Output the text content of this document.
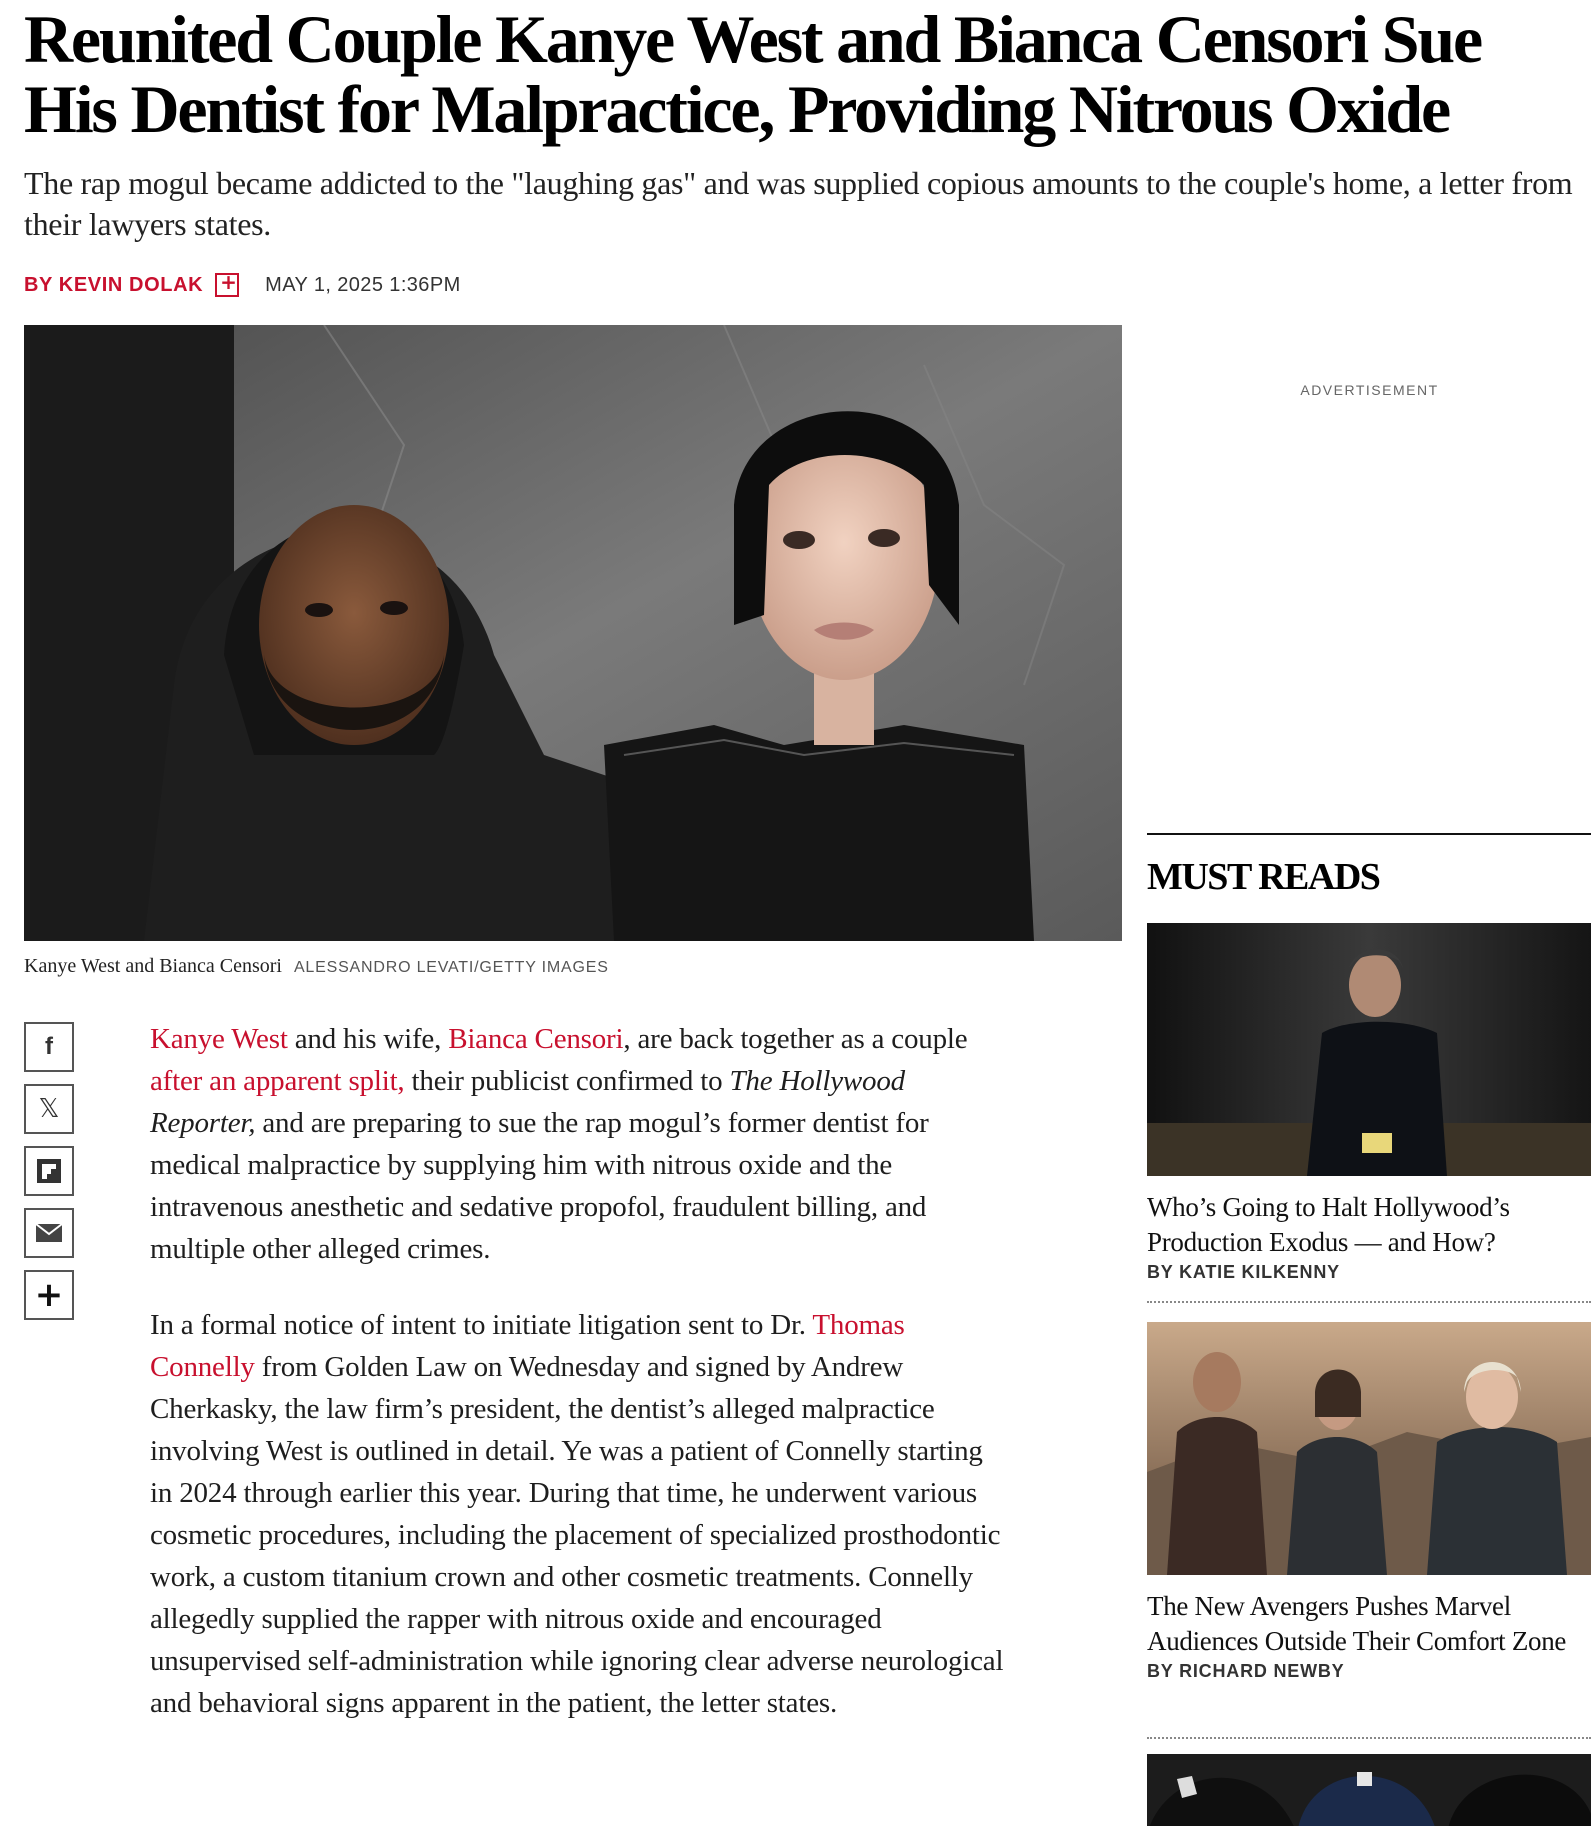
Reunited Couple Kanye West and Bianca Censori Sue His Dentist for Malpractice, Providing Nitrous Oxide
The rap mogul became addicted to the "laughing gas" and was supplied copious amounts to the couple's home, a letter from their lawyers states.
BY KEVIN DOLAK
+	MAY 1, 2025 1:36PM
Kanye West and Bianca Censori ALESSANDRO LEVATI/GETTY IMAGES
f
𝕏
+

Kanye West and his wife, Bianca Censori, are back together as a couple after an apparent split, their publicist confirmed to The Hollywood Reporter, and are preparing to sue the rap mogul’s former dentist for medical malpractice by supplying him with nitrous oxide and the intravenous anesthetic and sedative propofol, fraudulent billing, and multiple other alleged crimes.

In a formal notice of intent to initiate litigation sent to Dr. Thomas Connelly from Golden Law on Wednesday and signed by Andrew Cherkasky, the law firm’s president, the dentist’s alleged malpractice involving West is outlined in detail. Ye was a patient of Connelly starting in 2024 through earlier this year. During that time, he underwent various cosmetic procedures, including the placement of specialized prosthodontic work, a custom titanium crown and other cosmetic treatments. Connelly allegedly supplied the rapper with nitrous oxide and encouraged unsupervised self-administration while ignoring clear adverse neurological and behavioral signs apparent in the patient, the letter states.

ADVERTISEMENT
MUST READS
Who’s Going to Halt Hollywood’s Production Exodus — and How?
BY KATIE KILKENNY
The New Avengers Pushes Marvel Audiences Outside Their Comfort Zone
BY RICHARD NEWBY
